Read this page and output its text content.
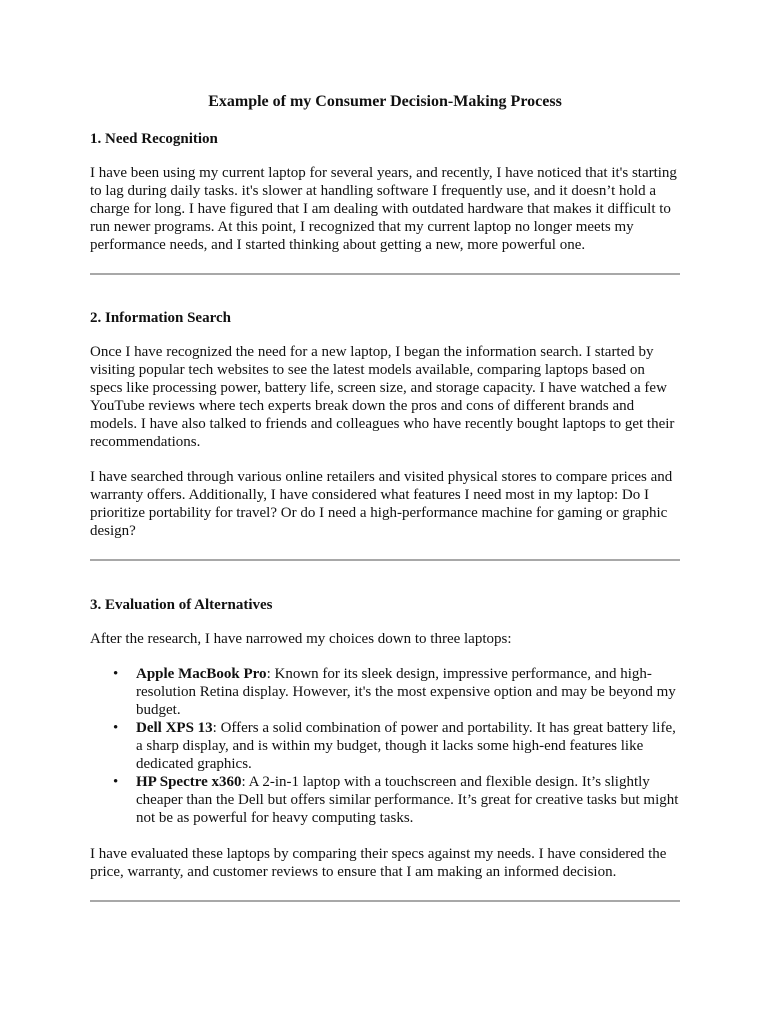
Example of my Consumer Decision-Making Process
1. Need Recognition

I have been using my current laptop for several years, and recently, I have noticed that it's starting to lag during daily tasks. it's slower at handling software I frequently use, and it doesn’t hold a charge for long. I have figured that I am dealing with outdated hardware that makes it difficult to run newer programs. At this point, I recognized that my current laptop no longer meets my performance needs, and I started thinking about getting a new, more powerful one.

2. Information Search

Once I have recognized the need for a new laptop, I began the information search. I started by visiting popular tech websites to see the latest models available, comparing laptops based on specs like processing power, battery life, screen size, and storage capacity. I have watched a few YouTube reviews where tech experts break down the pros and cons of different brands and models. I have also talked to friends and colleagues who have recently bought laptops to get their recommendations.

I have searched through various online retailers and visited physical stores to compare prices and warranty offers. Additionally, I have considered what features I need most in my laptop: Do I prioritize portability for travel? Or do I need a high-performance machine for gaming or graphic design?

3. Evaluation of Alternatives

After the research, I have narrowed my choices down to three laptops:

• Apple MacBook Pro: Known for its sleek design, impressive performance, and high-resolution Retina display. However, it's the most expensive option and may be beyond my budget.
• Dell XPS 13: Offers a solid combination of power and portability. It has great battery life, a sharp display, and is within my budget, though it lacks some high-end features like dedicated graphics.
• HP Spectre x360: A 2-in-1 laptop with a touchscreen and flexible design. It’s slightly cheaper than the Dell but offers similar performance. It’s great for creative tasks but might not be as powerful for heavy computing tasks.

I have evaluated these laptops by comparing their specs against my needs. I have considered the price, warranty, and customer reviews to ensure that I am making an informed decision.
